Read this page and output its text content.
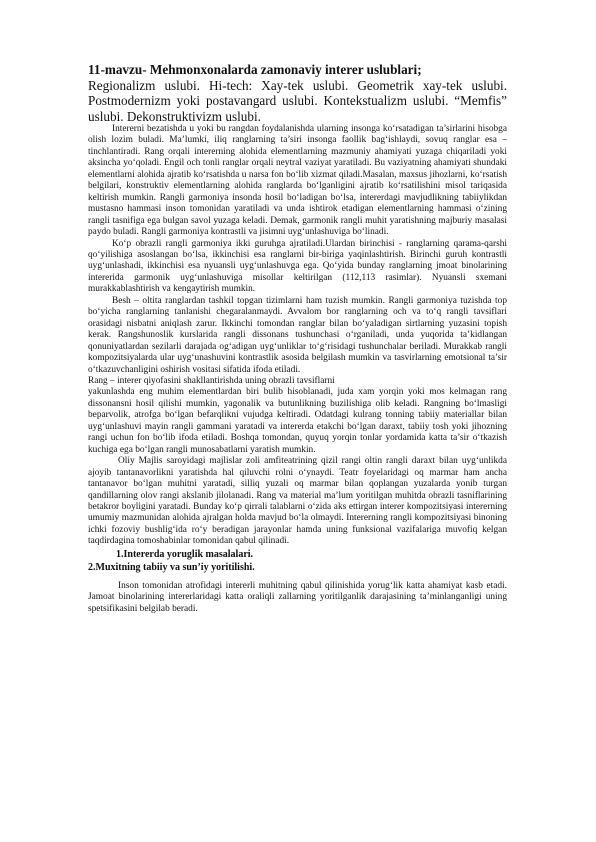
11-mavzu- Mehmonxonalarda zamonaviy interer uslublari;

Regionalizm uslubi. Hi-tech: Xay-tek uslubi. Geometrik xay-tek uslubi. Postmodernizm yoki postavangard uslubi. Kontekstualizm uslubi. “Memfis” uslubi. Dekonstruktivizm uslubi.

Intererni bezatishda u yoki bu rangdan foydalanishda ularning insonga ko‘rsatadigan ta’sirlarini hisobga olish lozim buladi. Ma’lumki, iliq ranglarning ta’siri insonga faollik bag‘ishlaydi, sovuq ranglar esa – tinchlantiradi. Rang orqali intererning alohida elementlarning mazmuniy ahamiyati yuzaga chiqariladi yoki aksincha yo‘qoladi. Engil och tonli ranglar orqali neytral vaziyat yaratiladi. Bu vaziyatning ahamiyati shundaki elementlarni alohida ajratib ko‘rsatishda u narsa fon bo‘lib xizmat qiladi.Masalan, maxsus jihozlarni, ko‘rsatish belgilari, konstruktiv elementlarning alohida ranglarda bo‘lganligini ajratib ko‘rsatilishini misol tariqasida keltirish mumkin. Rangli garmoniya insonda hosil bo‘ladigan bo‘lsa, intererdagi mavjudlikning tabiiylikdan mustasno hammasi inson tomonidan yaratiladi va undа ishtirok etadigan elementlarning hammasi o‘zining rangli tasnifiga ega bulgan savol yuzaga keladi. Demak, garmonik rangli muhit yaratishning majburiy masalasi paydo buladi. Rangli garmoniya kontrastli va jisimni uyg‘unlashuviga bo‘linadi.

Ko‘p obrazli rangli garmoniya ikki guruhga ajratiladi.Ulardan birinchisi - ranglarning qarama-qarshi qo‘yilishiga asoslangan bo‘lsa, ikkinchisi esa ranglarni bir-biriga yaqinlashtirish. Birinchi guruh kontrastli uyg‘unlashadi, ikkinchisi esa nyuansli uyg‘unlashuvga ega. Qo‘yida bunday ranglarning jmoat binolarining intererida garmonik uyg‘unlashuviga misollar keltirilgan (112,113 rasimlar). Nyuansli sxemani murakkablashtirish va kengaytirish mumkin.

Besh – oltita ranglardan tashkil topgan tizimlarni ham tuzish mumkin. Rangli garmoniya tuzishda top bo‘yicha ranglarning tanlanishi chegaralanmaydi. Avvalom bor ranglarning och va to‘q rangli tavsiflari orasidagi nisbatni aniqlash zarur. Ikkinchi tomondan ranglar bilan bo‘yaladigan sirtlarning yuzasini topish kerak. Rangshunoslik kurslarida rangli dissonans tushunchasi o‘rganiladi, unda yuqorida ta’kidlangan qonuniyatlardan sezilarli darajada og‘adigan uyg‘unliklar to‘g‘risidagi tushunchalar beriladi. Murakkab rangli kompozitsiyalarda ular uyg‘unashuvini kontrastlik asosida belgilash mumkin va tasvirlarning emotsional ta’sir o‘tkazuvchanligini oshirish vositasi sifatida ifoda etiladi.

Rang – interer qiyofasini shakllantirishda uning obrazli tavsiflarni

yakunlashda eng muhim elementlardan biri bulib hisoblanadi, juda xam yorqin yoki mos kelmagan rang dissonansni hosil qilishi mumkin, yagonalik va butunlikning buzilishiga olib keladi. Rangning bo‘lmasligi beparvolik, atrofga bo‘lgan befarqlikni vujudga keltiradi. Odatdagi kulrang tonning tabiiy materiallar bilan uyg‘unlashuvi mayin rangli gammani yaratadi va intererda etakchi bo‘lgan daraxt, tabiiy tosh yoki jihozning rangi uchun fon bo‘lib ifoda etiladi. Boshqa tomondan, quyuq yorqin tonlar yordamida katta ta’sir o‘tkazish kuchiga ega bo‘lgan rangli munosabatlarni yaratish mumkin.

Oliy Majlis saroyidagi majlislar zoli amfiteatrining qizil rangi oltin rangli daraxt bilan uyg‘unlikda ajoyib tantanavorlikni yaratishda hal qiluvchi rolni o‘ynaydi. Teatr foyelaridagi oq marmar ham ancha tantanavor bo‘lgan muhitni yaratadi, silliq yuzali oq marmar bilan qoplangan yuzalarda yonib turgan qandillarning olov rangi akslanib jilolanadi. Rang va material ma’lum yoritilgan muhitda obrazli tasniflarining betakror boyligini yaratadi. Bunday ko‘p qirrali talablarni o‘zida aks ettirgan interer kompozitsiyasi intererning umumiy mazmunidan alohida ajralgan holda mavjud bo‘la olmaydi. Intererning rangli kompozitsiyasi binoning ichki fozoviy bushlig‘ida ro‘y beradigan jarayonlar hamda uning funksional vazifalariga muvofiq kelgan taqdirdagina tomoshabinlar tomonidan qabul qilinadi.

1.Intererda yoruglik masalalari.

2.Muxitning tabiiy va sun’iy yoritilishi.

Inson tomonidan atrofidagi intererli muhitning qabul qilinishida yorug‘lik katta ahamiyat kasb etadi. Jamoat binolarining intererlaridagi katta oraliqli zallarning yoritilganlik darajasining ta’minlanganligi uning spetsifikasini belgilab beradi.
